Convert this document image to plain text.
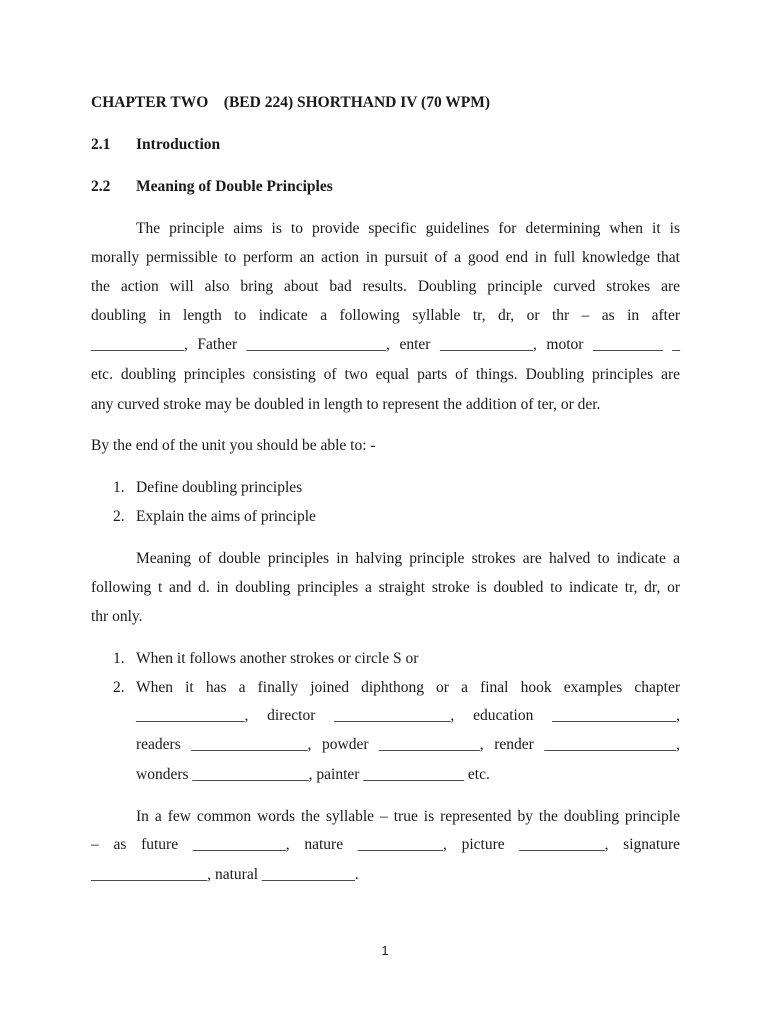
CHAPTER TWO (BED 224) SHORTHAND IV (70 WPM)
2.1 Introduction
2.2 Meaning of Double Principles
The principle aims is to provide specific guidelines for determining when it is
morally permissible to perform an action in pursuit of a good end in full knowledge that
the action will also bring about bad results. Doubling principle curved strokes are
doubling in length to indicate a following syllable tr, dr, or thr – as in after
____________, Father __________________, enter ____________, motor _________ _
etc. doubling principles consisting of two equal parts of things. Doubling principles are
any curved stroke may be doubled in length to represent the addition of ter, or der.
By the end of the unit you should be able to: -
1. Define doubling principles
2. Explain the aims of principle
Meaning of double principles in halving principle strokes are halved to indicate a
following t and d. in doubling principles a straight stroke is doubled to indicate tr, dr, or
thr only.
1. When it follows another strokes or circle S or
2. When it has a finally joined diphthong or a final hook examples chapter
______________, director _______________, education ________________,
readers _______________, powder _____________, render _________________,
wonders _______________, painter _____________ etc.
In a few common words the syllable – true is represented by the doubling principle
– as future ____________, nature ___________, picture ___________, signature
_______________, natural ____________.
1
